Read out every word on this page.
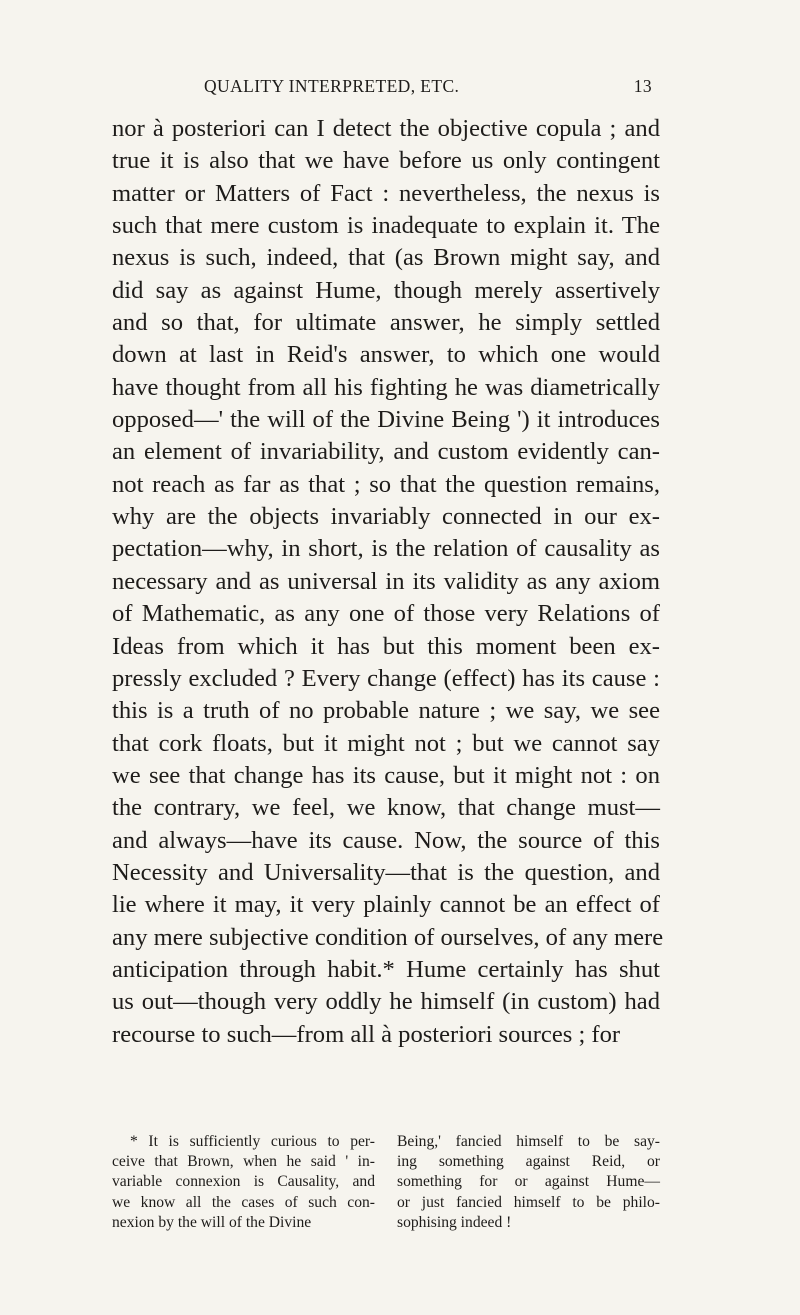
QUALITY INTERPRETED, ETC.	13
nor à posteriori can I detect the objective copula ; and
true it is also that we have before us only contingent
matter or Matters of Fact : nevertheless, the nexus is
such that mere custom is inadequate to explain it. The
nexus is such, indeed, that (as Brown might say, and
did say as against Hume, though merely assertively
and so that, for ultimate answer, he simply settled
down at last in Reid's answer, to which one would
have thought from all his fighting he was diametrically
opposed—' the will of the Divine Being ') it introduces
an element of invariability, and custom evidently can-
not reach as far as that ; so that the question remains,
why are the objects invariably connected in our ex-
pectation—why, in short, is the relation of causality as
necessary and as universal in its validity as any axiom
of Mathematic, as any one of those very Relations of
Ideas from which it has but this moment been ex-
pressly excluded ? Every change (effect) has its cause :
this is a truth of no probable nature ; we say, we see
that cork floats, but it might not ; but we cannot say
we see that change has its cause, but it might not : on
the contrary, we feel, we know, that change must—
and always—have its cause. Now, the source of this
Necessity and Universality—that is the question, and
lie where it may, it very plainly cannot be an effect of
any mere subjective condition of ourselves, of any mere
anticipation through habit.* Hume certainly has shut
us out—though very oddly he himself (in custom) had
recourse to such—from all à posteriori sources ; for
* It is sufficiently curious to per-
ceive that Brown, when he said ' in-
variable connexion is Causality, and
we know all the cases of such con-
nexion by the will of the Divine
Being,' fancied himself to be say-
ing something against Reid, or
something for or against Hume—
or just fancied himself to be philo-
sophising indeed !
